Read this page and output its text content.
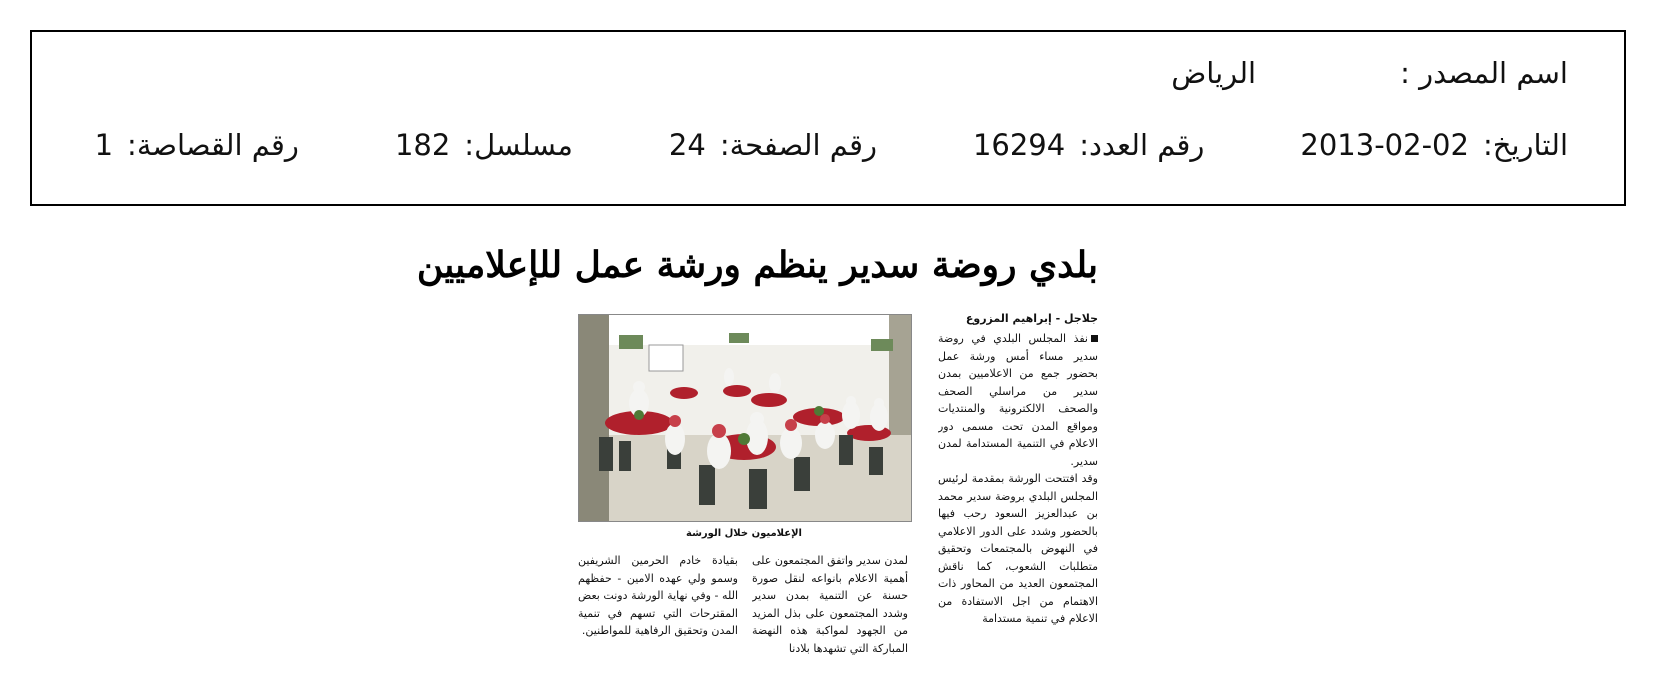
اسم المصدر :
الرياض
التاريخ:
2013-02-02
رقم العدد:
16294
رقم الصفحة:
24
مسلسل:
182
رقم القصاصة:
1
بلدي روضة سدير ينظم ورشة عمل للإعلاميين
جلاجل - إبراهيم المزروع

نفذ المجلس البلدي في روضة سدير مساء أمس ورشة عمل بحضور جمع من الاعلاميين بمدن سدير من مراسلي الصحف والصحف الالكترونية والمنتديات ومواقع المدن تحت مسمى دور الاعلام في التنمية المستدامة لمدن سدير.

وقد افتتحت الورشة بمقدمة لرئيس المجلس البلدي بروضة سدير محمد بن عبدالعزيز السعود رحب فيها بالحضور وشدد على الدور الاعلامي في النهوض بالمجتمعات وتحقيق متطلبات الشعوب، كما ناقش المجتمعون العديد من المحاور ذات الاهتمام من اجل الاستفادة من الاعلام في تنمية مستدامة

الإعلاميون خلال الورشة
لمدن سدير واتفق المجتمعون على أهمية الاعلام بانواعه لنقل صورة حسنة عن التنمية بمدن سدير وشدد المجتمعون على بذل المزيد من الجهود لمواكبة هذه النهضة المباركة التي تشهدها بلادنا
بقيادة خادم الحرمين الشريفين وسمو ولي عهده الامين - حفظهم الله - وفي نهاية الورشة دونت بعض المقترحات التي تسهم في تنمية المدن وتحقيق الرفاهية للمواطنين.
